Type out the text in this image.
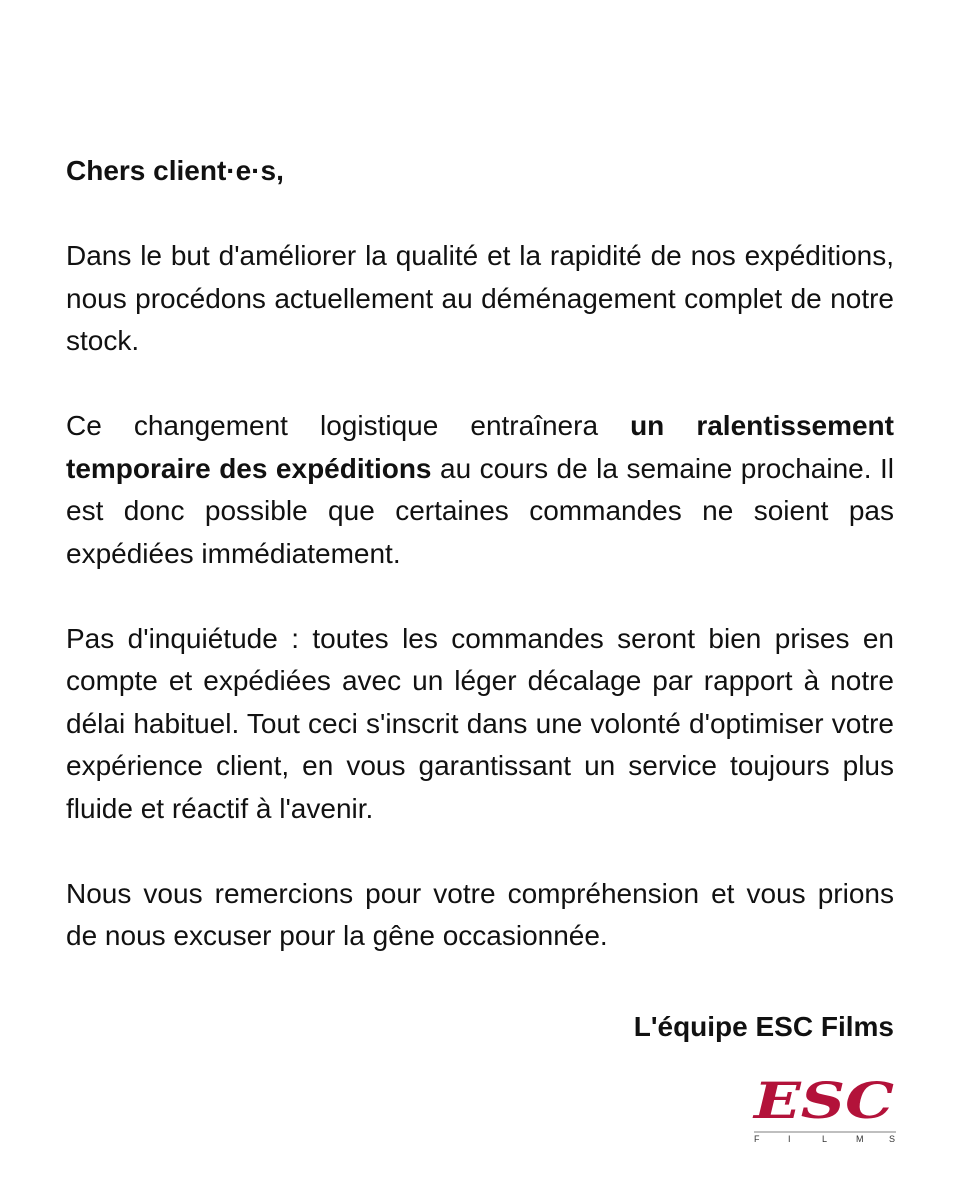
Chers client·e·s,

Dans le but d'améliorer la qualité et la rapidité de nos expéditions, nous procédons actuellement au déménagement complet de notre stock.

Ce changement logistique entraînera un ralentissement temporaire des expéditions au cours de la semaine prochaine. Il est donc possible que certaines commandes ne soient pas expédiées immédiatement.

Pas d'inquiétude : toutes les commandes seront bien prises en compte et expédiées avec un léger décalage par rapport à notre délai habituel. Tout ceci s'inscrit dans une volonté d'optimiser votre expérience client, en vous garantissant un service toujours plus fluide et réactif à l'avenir.

Nous vous remercions pour votre compréhension et vous prions de nous excuser pour la gêne occasionnée.

L'équipe ESC Films
ESC
F	I	L	M	S
